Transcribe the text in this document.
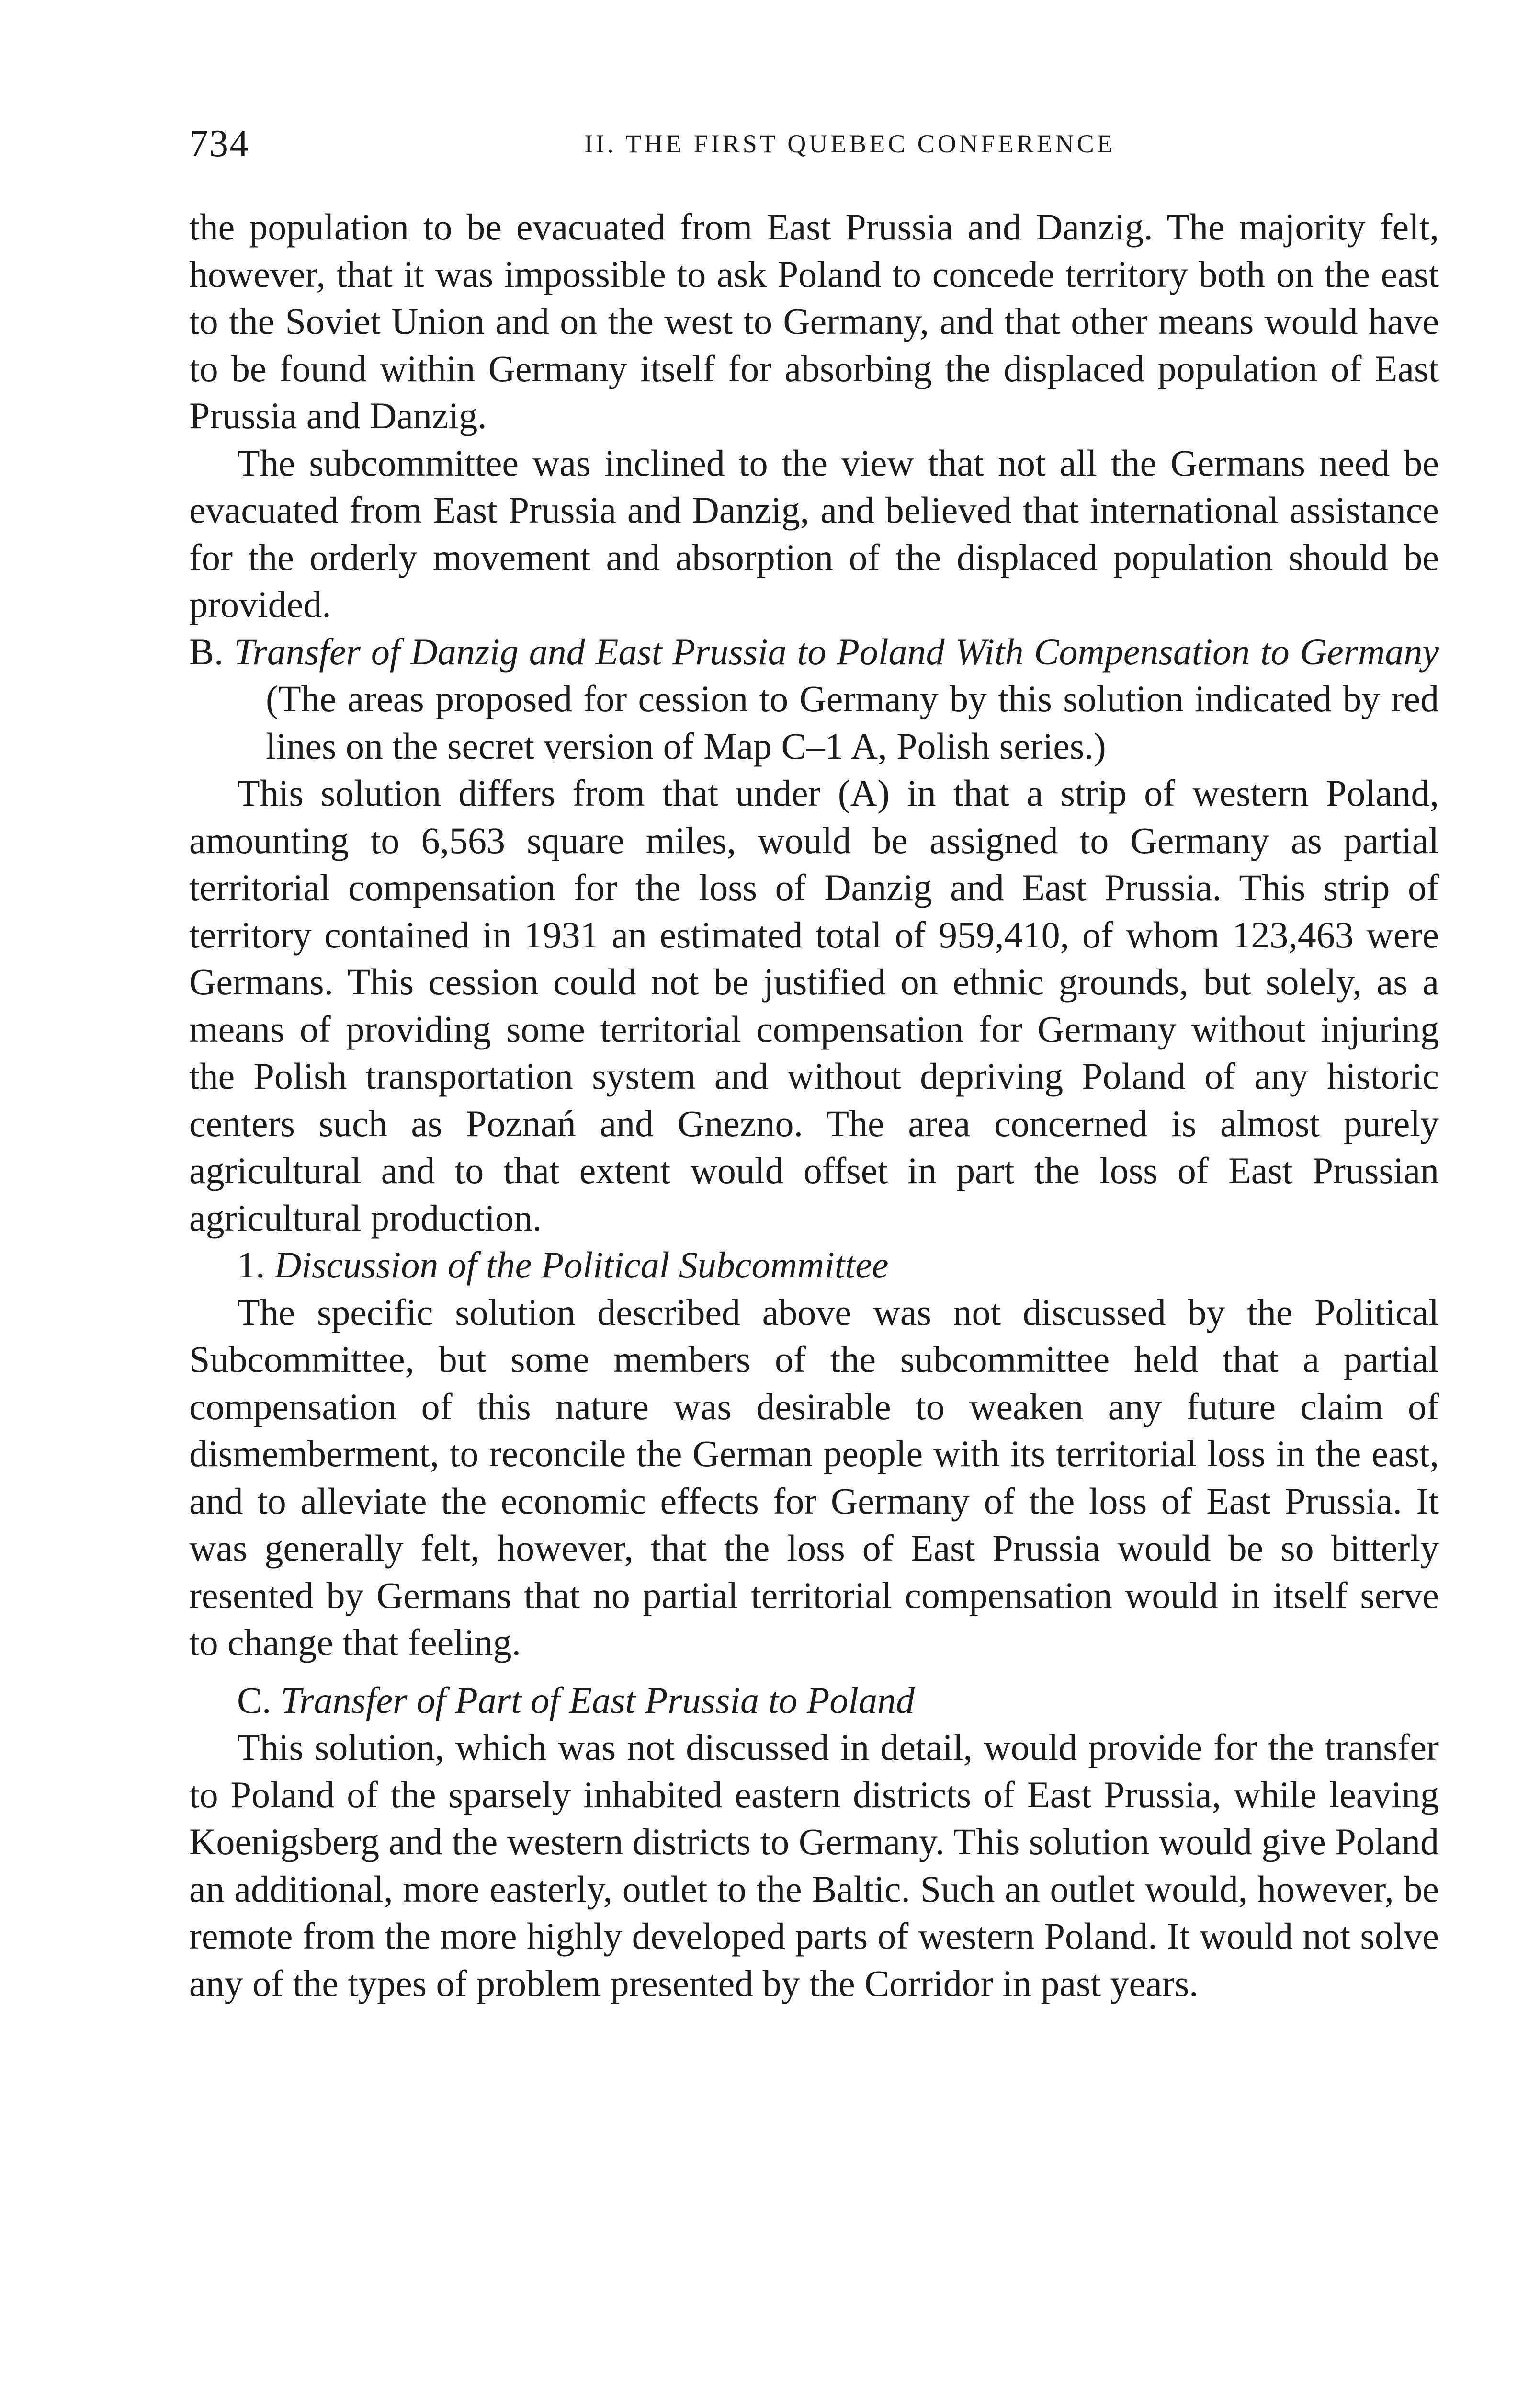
734	II. THE FIRST QUEBEC CONFERENCE

the population to be evacuated from East Prussia and Danzig. The majority felt, however, that it was impossible to ask Poland to concede territory both on the east to the Soviet Union and on the west to Germany, and that other means would have to be found within Germany itself for absorbing the displaced population of East Prussia and Danzig.

The subcommittee was inclined to the view that not all the Germans need be evacuated from East Prussia and Danzig, and believed that international assistance for the orderly movement and absorption of the displaced population should be provided.

B. Transfer of Danzig and East Prussia to Poland With Compensation to Germany (The areas proposed for cession to Germany by this solution indicated by red lines on the secret version of Map C–1 A, Polish series.)

This solution differs from that under (A) in that a strip of western Poland, amounting to 6,563 square miles, would be assigned to Germany as partial territorial compensation for the loss of Danzig and East Prussia. This strip of territory contained in 1931 an estimated total of 959,410, of whom 123,463 were Germans. This cession could not be justified on ethnic grounds, but solely, as a means of providing some territorial compensation for Germany without injuring the Polish transportation system and without depriving Poland of any historic centers such as Poznań and Gnezno. The area concerned is almost purely agricultural and to that extent would offset in part the loss of East Prussian agricultural production.

1. Discussion of the Political Subcommittee

The specific solution described above was not discussed by the Political Subcommittee, but some members of the subcommittee held that a partial compensation of this nature was desirable to weaken any future claim of dismemberment, to reconcile the German people with its territorial loss in the east, and to alleviate the economic effects for Germany of the loss of East Prussia. It was generally felt, however, that the loss of East Prussia would be so bitterly resented by Germans that no partial territorial compensation would in itself serve to change that feeling.

C. Transfer of Part of East Prussia to Poland

This solution, which was not discussed in detail, would provide for the transfer to Poland of the sparsely inhabited eastern districts of East Prussia, while leaving Koenigsberg and the western districts to Germany. This solution would give Poland an additional, more easterly, outlet to the Baltic. Such an outlet would, however, be remote from the more highly developed parts of western Poland. It would not solve any of the types of problem presented by the Corridor in past years.
